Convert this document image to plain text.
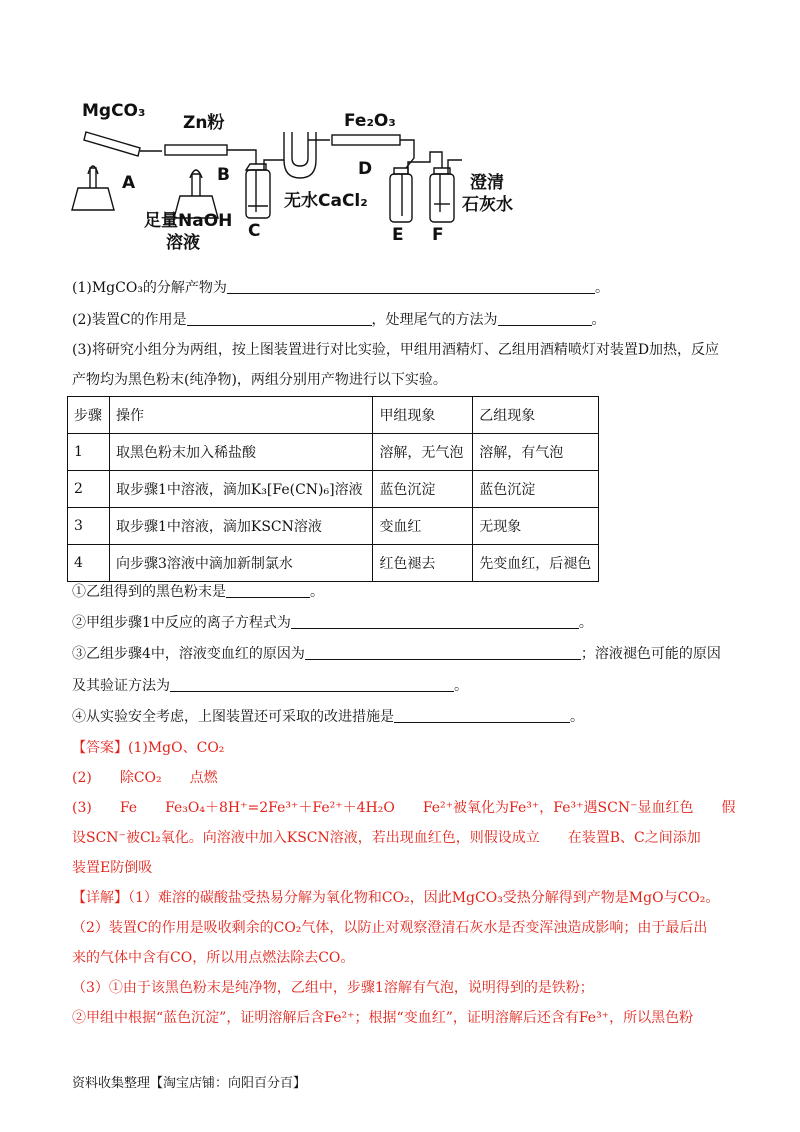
MgCO₃
A
Zn粉
B
足量NaOH
溶液
C
无水CaCl₂
Fe₂O₃
D
E F
澄清
石灰水
(1)MgCO₃的分解产物为	。
(2)装置C的作用是	，处理尾气的方法为	。
(3)将研究小组分为两组，按上图装置进行对比实验，甲组用酒精灯、乙组用酒精喷灯对装置D加热，反应
产物均为黑色粉末(纯净物)，两组分别用产物进行以下实验。
步骤	操作	甲组现象	乙组现象
1	取黑色粉末加入稀盐酸	溶解，无气泡	溶解，有气泡
2	取步骤1中溶液，滴加K₃[Fe(CN)₆]溶液	蓝色沉淀	蓝色沉淀
3	取步骤1中溶液，滴加KSCN溶液	变血红	无现象
4	向步骤3溶液中滴加新制氯水	红色褪去	先变血红，后褪色
①乙组得到的黑色粉末是	。
②甲组步骤1中反应的离子方程式为	。
③乙组步骤4中，溶液变血红的原因为	；溶液褪色可能的原因
及其验证方法为	。
④从实验安全考虑，上图装置还可采取的改进措施是	。
【答案】(1)MgO、CO₂
(2)　　除CO₂　　点燃
(3)　　Fe　　Fe₃O₄＋8H⁺=2Fe³⁺＋Fe²⁺＋4H₂O　　Fe²⁺被氧化为Fe³⁺，Fe³⁺遇SCN⁻显血红色　　假
设SCN⁻被Cl₂氧化。向溶液中加入KSCN溶液，若出现血红色，则假设成立　　在装置B、C之间添加
装置E防倒吸
【详解】（1）难溶的碳酸盐受热易分解为氧化物和CO₂，因此MgCO₃受热分解得到产物是MgO与CO₂。
（2）装置C的作用是吸收剩余的CO₂气体，以防止对观察澄清石灰水是否变浑浊造成影响；由于最后出
来的气体中含有CO，所以用点燃法除去CO。
（3）①由于该黑色粉末是纯净物，乙组中，步骤1溶解有气泡，说明得到的是铁粉；
②甲组中根据“蓝色沉淀”，证明溶解后含Fe²⁺；根据“变血红”，证明溶解后还含有Fe³⁺，所以黑色粉
资料收集整理【淘宝店铺：向阳百分百】
